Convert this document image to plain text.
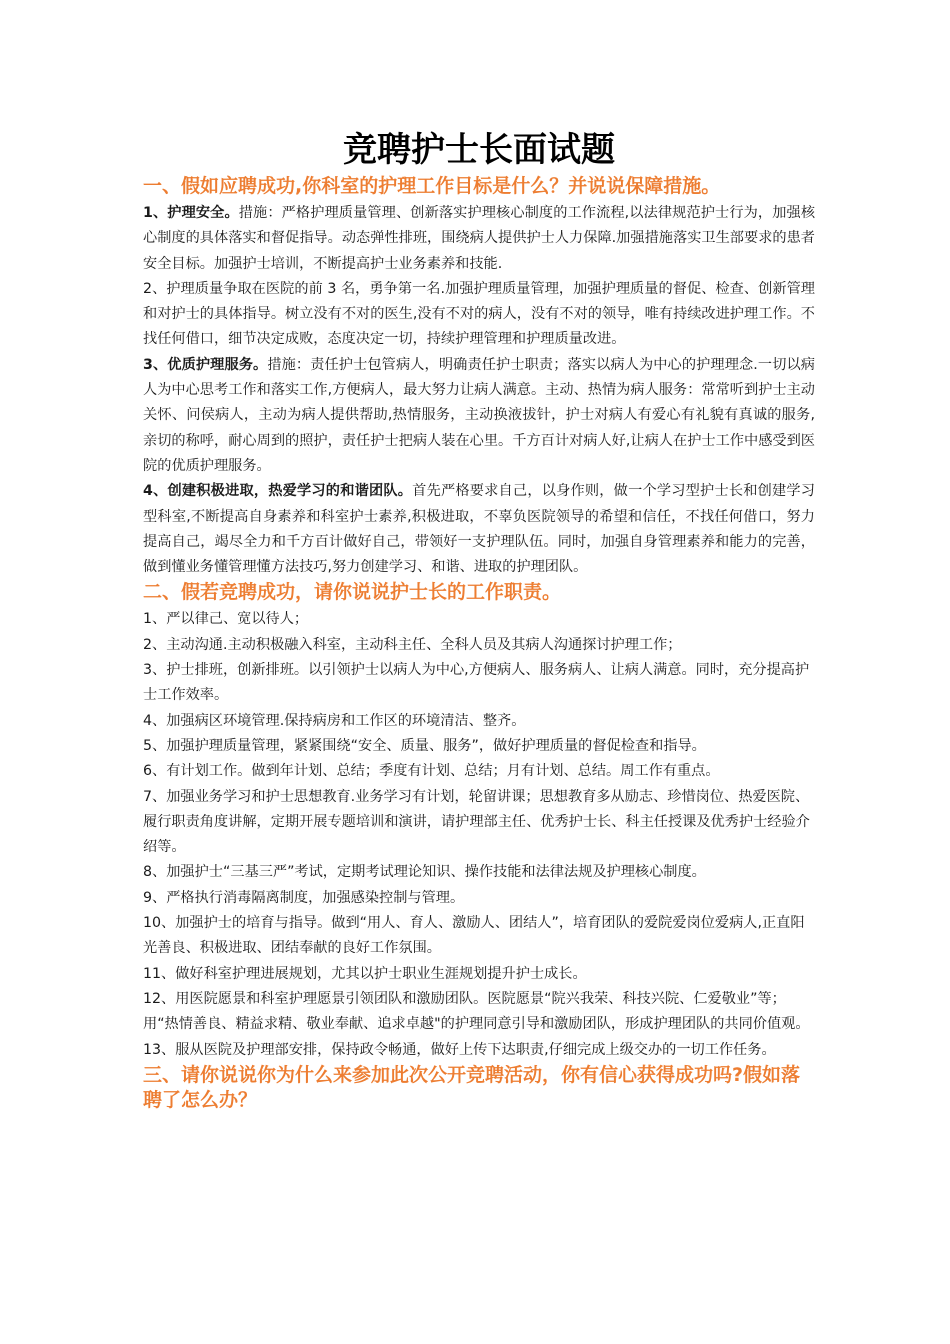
竞聘护士长面试题
一、假如应聘成功,你科室的护理工作目标是什么？并说说保障措施。

1、护理安全。措施：严格护理质量管理、创新落实护理核心制度的工作流程,以法律规范护士行为，加强核心制度的具体落实和督促指导。动态弹性排班，围绕病人提供护士人力保障.加强措施落实卫生部要求的患者安全目标。加强护士培训，不断提高护士业务素养和技能.

2、护理质量争取在医院的前 3 名，勇争第一名.加强护理质量管理，加强护理质量的督促、检查、创新管理和对护士的具体指导。树立没有不对的医生,没有不对的病人，没有不对的领导，唯有持续改进护理工作。不找任何借口，细节决定成败，态度决定一切，持续护理管理和护理质量改进。

3、优质护理服务。措施：责任护士包管病人，明确责任护士职责；落实以病人为中心的护理理念.一切以病人为中心思考工作和落实工作,方便病人，最大努力让病人满意。主动、热情为病人服务：常常听到护士主动关怀、问侯病人，主动为病人提供帮助,热情服务，主动换液拔针，护士对病人有爱心有礼貌有真诚的服务,亲切的称呼，耐心周到的照护，责任护士把病人装在心里。千方百计对病人好,让病人在护士工作中感受到医院的优质护理服务。

4、创建积极进取，热爱学习的和谐团队。首先严格要求自己，以身作则，做一个学习型护士长和创建学习型科室,不断提高自身素养和科室护士素养,积极进取，不辜负医院领导的希望和信任，不找任何借口，努力提高自己，竭尽全力和千方百计做好自己，带领好一支护理队伍。同时，加强自身管理素养和能力的完善，做到懂业务懂管理懂方法技巧,努力创建学习、和谐、进取的护理团队。

二、假若竞聘成功，请你说说护士长的工作职责。

1、严以律己、宽以待人；

2、主动沟通.主动积极融入科室，主动科主任、全科人员及其病人沟通探讨护理工作；

3、护士排班，创新排班。以引领护士以病人为中心,方便病人、服务病人、让病人满意。同时，充分提高护士工作效率。

4、加强病区环境管理.保持病房和工作区的环境清洁、整齐。

5、加强护理质量管理，紧紧围绕“安全、质量、服务”，做好护理质量的督促检查和指导。

6、有计划工作。做到年计划、总结；季度有计划、总结；月有计划、总结。周工作有重点。

7、加强业务学习和护士思想教育.业务学习有计划，轮留讲课；思想教育多从励志、珍惜岗位、热爱医院、履行职责角度讲解，定期开展专题培训和演讲，请护理部主任、优秀护士长、科主任授课及优秀护士经验介绍等。

8、加强护士“三基三严”考试，定期考试理论知识、操作技能和法律法规及护理核心制度。

9、严格执行消毒隔离制度，加强感染控制与管理。

10、加强护士的培育与指导。做到“用人、育人、激励人、团结人”，培育团队的爱院爱岗位爱病人,正直阳光善良、积极进取、团结奉献的良好工作氛围。

11、做好科室护理进展规划，尤其以护士职业生涯规划提升护士成长。

12、用医院愿景和科室护理愿景引领团队和激励团队。医院愿景“院兴我荣、科技兴院、仁爱敬业”等；用“热情善良、精益求精、敬业奉献、追求卓越"的护理同意引导和激励团队，形成护理团队的共同价值观。

13、服从医院及护理部安排，保持政令畅通，做好上传下达职责,仔细完成上级交办的一切工作任务。

三、请你说说你为什么来参加此次公开竞聘活动，你有信心获得成功吗?假如落聘了怎么办？
